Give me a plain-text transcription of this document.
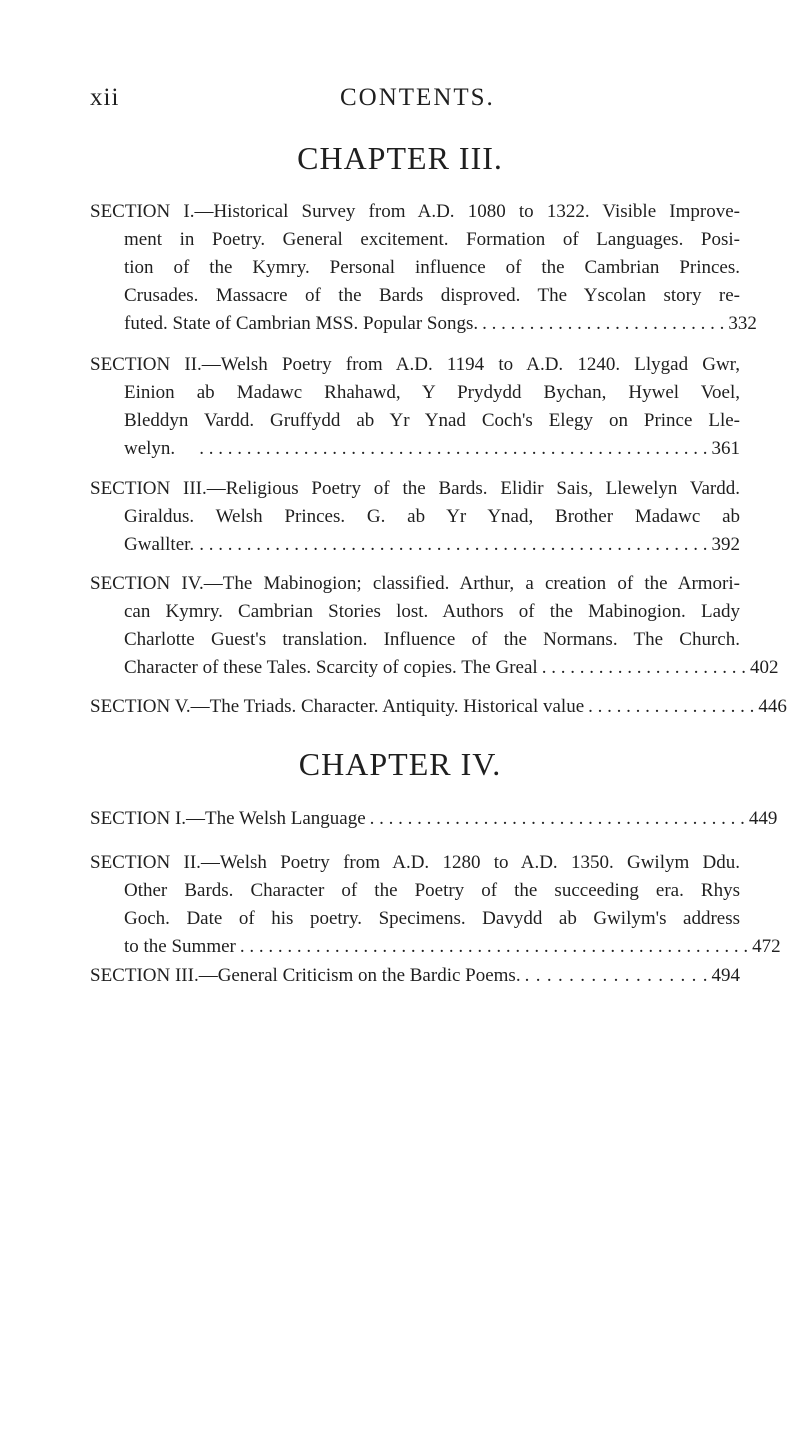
xii	CONTENTS.
CHAPTER III.
SECTION I.—Historical Survey from A.D. 1080 to 1322. Visible Improve-
ment in Poetry. General excitement. Formation of Languages. Posi-
tion of the Kymry. Personal influence of the Cambrian Princes.
Crusades. Massacre of the Bards disproved. The Yscolan story re-
futed. State of Cambrian MSS. Popular Songs. . . . . . . . . . . . . . . . . . . . . . . . . . . 332
SECTION II.—Welsh Poetry from A.D. 1194 to A.D. 1240. Llygad Gwr,
Einion ab Madawc Rhahawd, Y Prydydd Bychan, Hywel Voel,
Bleddyn Vardd. Gruffydd ab Yr Ynad Coch's Elegy on Prince Lle-
welyn.	. . . . . . . . . . . . . . . . . . . . . . . . . . . . . . . . . . . . . . . . . . . . . . . . . . . . . . 361
SECTION III.—Religious Poetry of the Bards. Elidir Sais, Llewelyn Vardd.
Giraldus. Welsh Princes. G. ab Yr Ynad, Brother Madawc ab
Gwallter. . . . . . . . . . . . . . . . . . . . . . . . . . . . . . . . . . . . . . . . . . . . . . . . . . . . . . . 392
SECTION IV.—The Mabinogion; classified. Arthur, a creation of the Armori-
can Kymry. Cambrian Stories lost. Authors of the Mabinogion. Lady
Charlotte Guest's translation. Influence of the Normans. The Church.
Character of these Tales. Scarcity of copies. The Greal . . . . . . . . . . . . . . . . . . . . . . 402
SECTION V.—The Triads. Character. Antiquity. Historical value . . . . . . . . . . . . . . . . . . 446
CHAPTER IV.
SECTION I.—The Welsh Language . . . . . . . . . . . . . . . . . . . . . . . . . . . . . . . . . . . . . . . . 449
SECTION II.—Welsh Poetry from A.D. 1280 to A.D. 1350. Gwilym Ddu.
Other Bards. Character of the Poetry of the succeeding era. Rhys
Goch. Date of his poetry. Specimens. Davydd ab Gwilym's address
to the Summer . . . . . . . . . . . . . . . . . . . . . . . . . . . . . . . . . . . . . . . . . . . . . . . . . . . . . . 472
SECTION III.—General Criticism on the Bardic Poems. . . . . . . . . . . . . . . . . . 494
